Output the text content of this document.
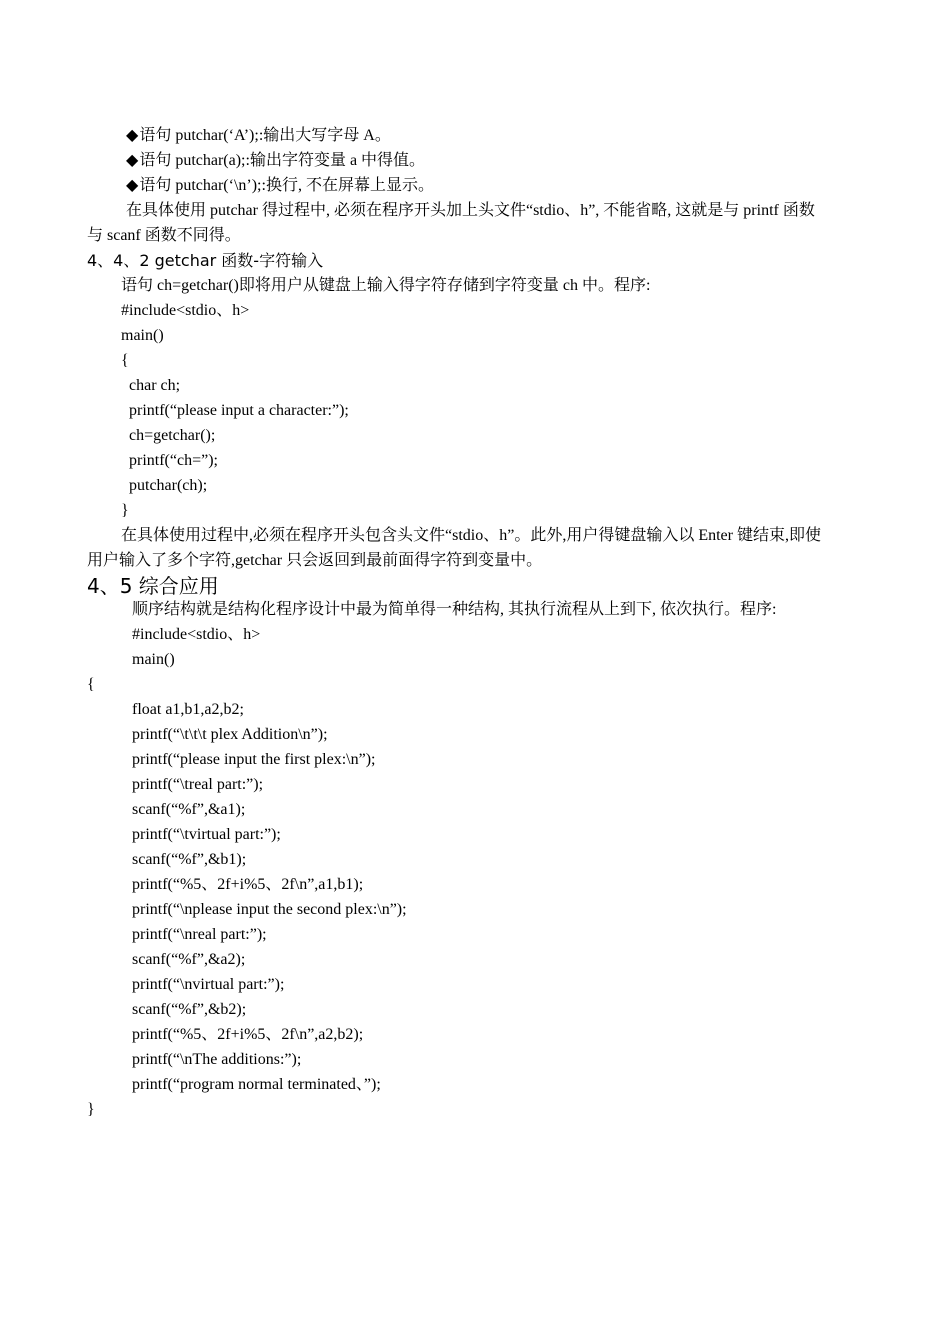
◆语句 putchar(‘A’);:输出大写字母 A。
◆语句 putchar(a);:输出字符变量 a 中得值。
◆语句 putchar(‘\n’);:换行, 不在屏幕上显示。
在具体使用 putchar 得过程中, 必须在程序开头加上头文件“stdio、h”, 不能省略, 这就是与 printf 函数
与 scanf 函数不同得。
4、4、2 getchar 函数-字符输入
语句 ch=getchar()即将用户从键盘上输入得字符存储到字符变量 ch 中。程序:
#include<stdio、h>
main()
{
char ch;
printf(“please input a character:”);
ch=getchar();
printf(“ch=”);
putchar(ch);
}
在具体使用过程中,必须在程序开头包含头文件“stdio、h”。此外,用户得键盘输入以 Enter 键结束,即使
用户输入了多个字符,getchar 只会返回到最前面得字符到变量中。
4、5 综合应用
顺序结构就是结构化程序设计中最为简单得一种结构, 其执行流程从上到下, 依次执行。程序:
#include<stdio、h>
main()
{
float a1,b1,a2,b2;
printf(“\t\t\t plex Addition\n”);
printf(“please input the first plex:\n”);
printf(“\treal part:”);
scanf(“%f”,&a1);
printf(“\tvirtual part:”);
scanf(“%f”,&b1);
printf(“%5、2f+i%5、2f\n”,a1,b1);
printf(“\nplease input the second plex:\n”);
printf(“\nreal part:”);
scanf(“%f”,&a2);
printf(“\nvirtual part:”);
scanf(“%f”,&b2);
printf(“%5、2f+i%5、2f\n”,a2,b2);
printf(“\nThe additions:”);
printf(“program normal terminated、”);
}
